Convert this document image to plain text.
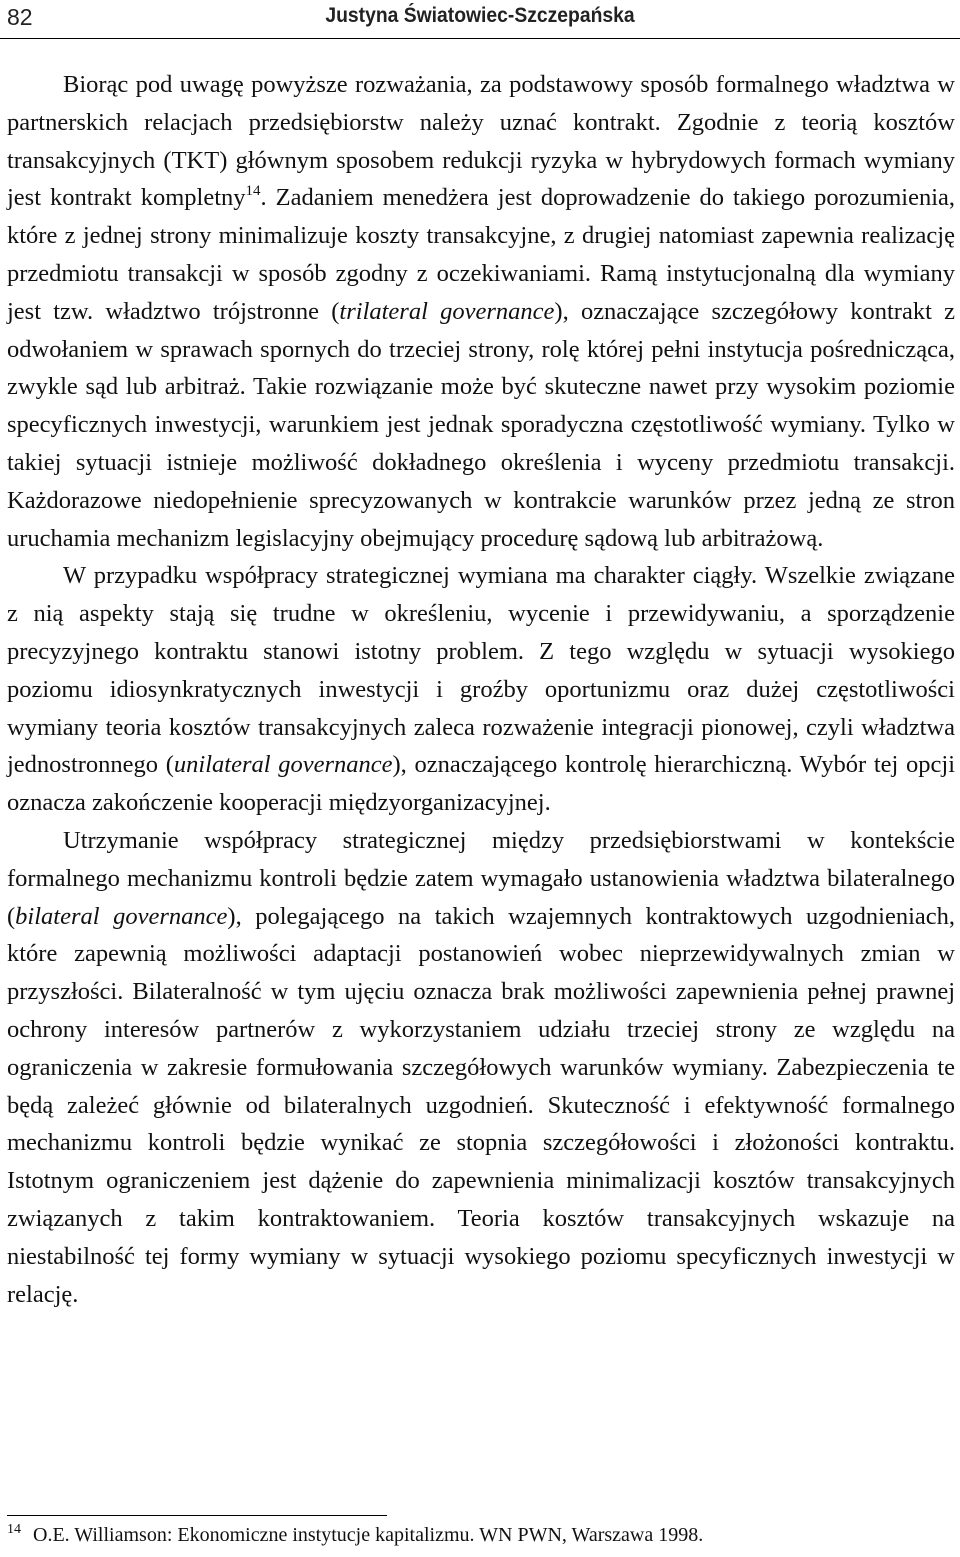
82	Justyna Światowiec-Szczepańska

Biorąc pod uwagę powyższe rozważania, za podstawowy sposób formalnego władztwa w partnerskich relacjach przedsiębiorstw należy uznać kontrakt. Zgodnie z teorią kosztów transakcyjnych (TKT) głównym sposobem redukcji ryzyka w hybrydowych formach wymiany jest kontrakt kompletny$^{14}$. Zadaniem menedżera jest doprowadzenie do takiego porozumienia, które z jednej strony minimalizuje koszty transakcyjne, z drugiej natomiast zapewnia realizację przedmiotu transakcji w sposób zgodny z oczekiwaniami. Ramą instytucjonalną dla wymiany jest tzw. władztwo trójstronne (trilateral governance), oznaczające szczegółowy kontrakt z odwołaniem w sprawach spornych do trzeciej strony, rolę której pełni instytucja pośrednicząca, zwykle sąd lub arbitraż. Takie rozwiązanie może być skuteczne nawet przy wysokim poziomie specyficznych inwestycji, warunkiem jest jednak sporadyczna częstotliwość wymiany. Tylko w takiej sytuacji istnieje możliwość dokładnego określenia i wyceny przedmiotu transakcji. Każdorazowe niedopełnienie sprecyzowanych w kontrakcie warunków przez jedną ze stron uruchamia mechanizm legislacyjny obejmujący procedurę sądową lub arbitrażową.

W przypadku współpracy strategicznej wymiana ma charakter ciągły. Wszelkie związane z nią aspekty stają się trudne w określeniu, wycenie i przewidywaniu, a sporządzenie precyzyjnego kontraktu stanowi istotny problem. Z tego względu w sytuacji wysokiego poziomu idiosynkratycznych inwestycji i groźby oportunizmu oraz dużej częstotliwości wymiany teoria kosztów transakcyjnych zaleca rozważenie integracji pionowej, czyli władztwa jednostronnego (unilateral governance), oznaczającego kontrolę hierarchiczną. Wybór tej opcji oznacza zakończenie kooperacji międzyorganizacyjnej.

Utrzymanie współpracy strategicznej między przedsiębiorstwami w kontekście formalnego mechanizmu kontroli będzie zatem wymagało ustanowienia władztwa bilateralnego (bilateral governance), polegającego na takich wzajemnych kontraktowych uzgodnieniach, które zapewnią możliwości adaptacji postanowień wobec nieprzewidywalnych zmian w przyszłości. Bilateralność w tym ujęciu oznacza brak możliwości zapewnienia pełnej prawnej ochrony interesów partnerów z wykorzystaniem udziału trzeciej strony ze względu na ograniczenia w zakresie formułowania szczegółowych warunków wymiany. Zabezpieczenia te będą zależeć głównie od bilateralnych uzgodnień. Skuteczność i efektywność formalnego mechanizmu kontroli będzie wynikać ze stopnia szczegółowości i złożoności kontraktu. Istotnym ograniczeniem jest dążenie do zapewnienia minimalizacji kosztów transakcyjnych związanych z takim kontraktowaniem. Teoria kosztów transakcyjnych wskazuje na niestabilność tej formy wymiany w sytuacji wysokiego poziomu specyficznych inwestycji w relację.

$^{14}$ O.E. Williamson: Ekonomiczne instytucje kapitalizmu. WN PWN, Warszawa 1998.
